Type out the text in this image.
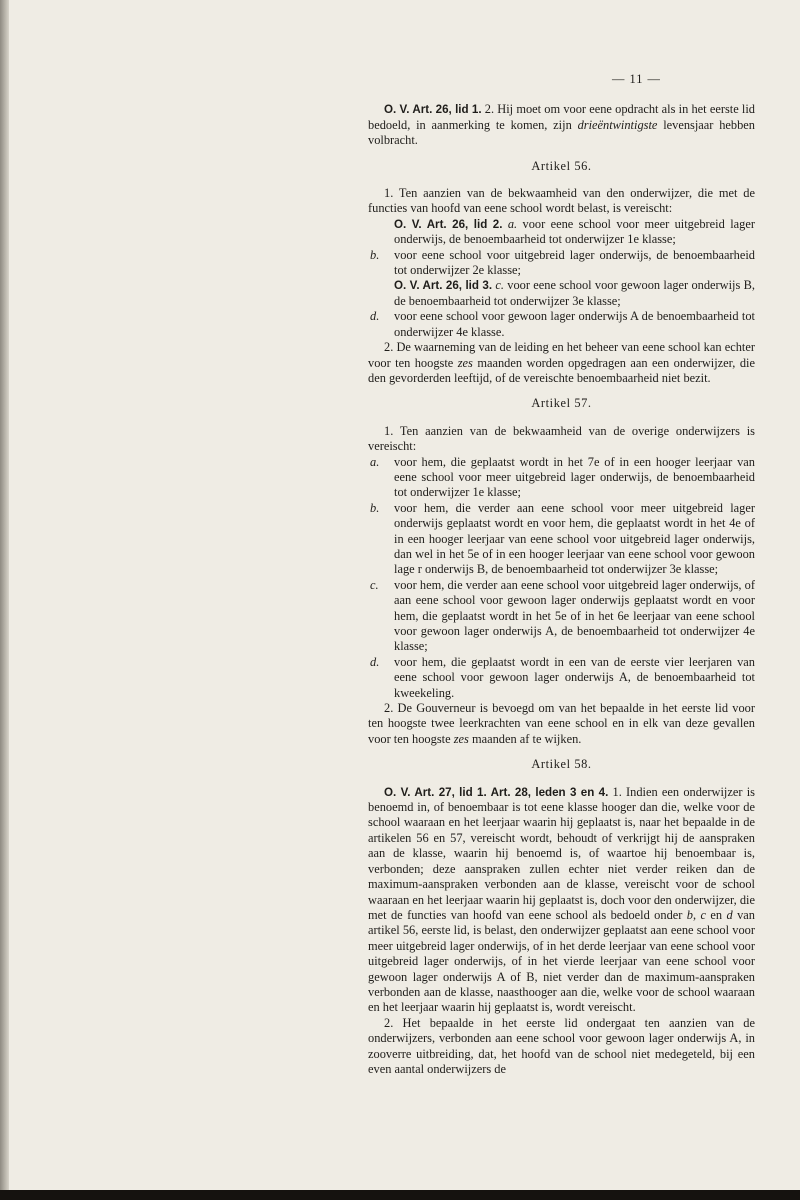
— 11 —

O. V. Art. 26, lid 1. 2. Hij moet om voor eene opdracht als in het eerste lid bedoeld, in aanmerking te komen, zijn drieëntwintigste levensjaar hebben volbracht.

Artikel 56.

1. Ten aanzien van de bekwaamheid van den onderwijzer, die met de functies van hoofd van eene school wordt belast, is vereischt:

O. V. Art. 26, lid 2. a. voor eene school voor meer uitgebreid lager onderwijs, de benoembaarheid tot onderwijzer 1e klasse;
b.	voor eene school voor uitgebreid lager onderwijs, de benoembaarheid tot onderwijzer 2e klasse;
O. V. Art. 26, lid 3. c. voor eene school voor gewoon lager onderwijs B, de benoembaarheid tot onderwijzer 3e klasse;
d.	voor eene school voor gewoon lager onderwijs A de benoembaarheid tot onderwijzer 4e klasse.

2. De waarneming van de leiding en het beheer van eene school kan echter voor ten hoogste zes maanden worden opgedragen aan een onderwijzer, die den gevorderden leeftijd, of de vereischte benoembaarheid niet bezit.

Artikel 57.

1. Ten aanzien van de bekwaamheid van de overige onderwijzers is vereischt:

a.	voor hem, die geplaatst wordt in het 7e of in een hooger leerjaar van eene school voor meer uitgebreid lager onderwijs, de benoembaarheid tot onderwijzer 1e klasse;
b.	voor hem, die verder aan eene school voor meer uitgebreid lager onderwijs geplaatst wordt en voor hem, die geplaatst wordt in het 4e of in een hooger leerjaar van eene school voor uitgebreid lager onderwijs, dan wel in het 5e of in een hooger leerjaar van eene school voor gewoon lage r onderwijs B, de benoembaarheid tot onderwijzer 3e klasse;
c.	voor hem, die verder aan eene school voor uitgebreid lager onderwijs, of aan eene school voor gewoon lager onderwijs geplaatst wordt en voor hem, die geplaatst wordt in het 5e of in het 6e leerjaar van eene school voor gewoon lager onderwijs A, de benoembaarheid tot onderwijzer 4e klasse;
d.	voor hem, die geplaatst wordt in een van de eerste vier leerjaren van eene school voor gewoon lager onderwijs A, de benoembaarheid tot kweekeling.

2. De Gouverneur is bevoegd om van het bepaalde in het eerste lid voor ten hoogste twee leerkrachten van eene school en in elk van deze gevallen voor ten hoogste zes maanden af te wijken.

Artikel 58.

O. V. Art. 27, lid 1. Art. 28, leden 3 en 4. 1. Indien een onderwijzer is benoemd in, of benoembaar is tot eene klasse hooger dan die, welke voor de school waaraan en het leerjaar waarin hij geplaatst is, naar het bepaalde in de artikelen 56 en 57, vereischt wordt, behoudt of verkrijgt hij de aanspraken aan de klasse, waarin hij benoemd is, of waartoe hij benoembaar is, verbonden; deze aanspraken zullen echter niet verder reiken dan de maximum-aanspraken verbonden aan de klasse, vereischt voor de school waaraan en het leerjaar waarin hij geplaatst is, doch voor den onderwijzer, die met de functies van hoofd van eene school als bedoeld onder b, c en d van artikel 56, eerste lid, is belast, den onderwijzer geplaatst aan eene school voor meer uitgebreid lager onderwijs, of in het derde leerjaar van eene school voor uitgebreid lager onderwijs, of in het vierde leerjaar van eene school voor gewoon lager onderwijs A of B, niet verder dan de maximum-aanspraken verbonden aan de klasse, naasthooger aan die, welke voor de school waaraan en het leerjaar waarin hij geplaatst is, wordt vereischt.

2. Het bepaalde in het eerste lid ondergaat ten aanzien van de onderwijzers, verbonden aan eene school voor gewoon lager onderwijs A, in zooverre uitbreiding, dat, het hoofd van de school niet medegeteld, bij een even aantal onderwijzers de
